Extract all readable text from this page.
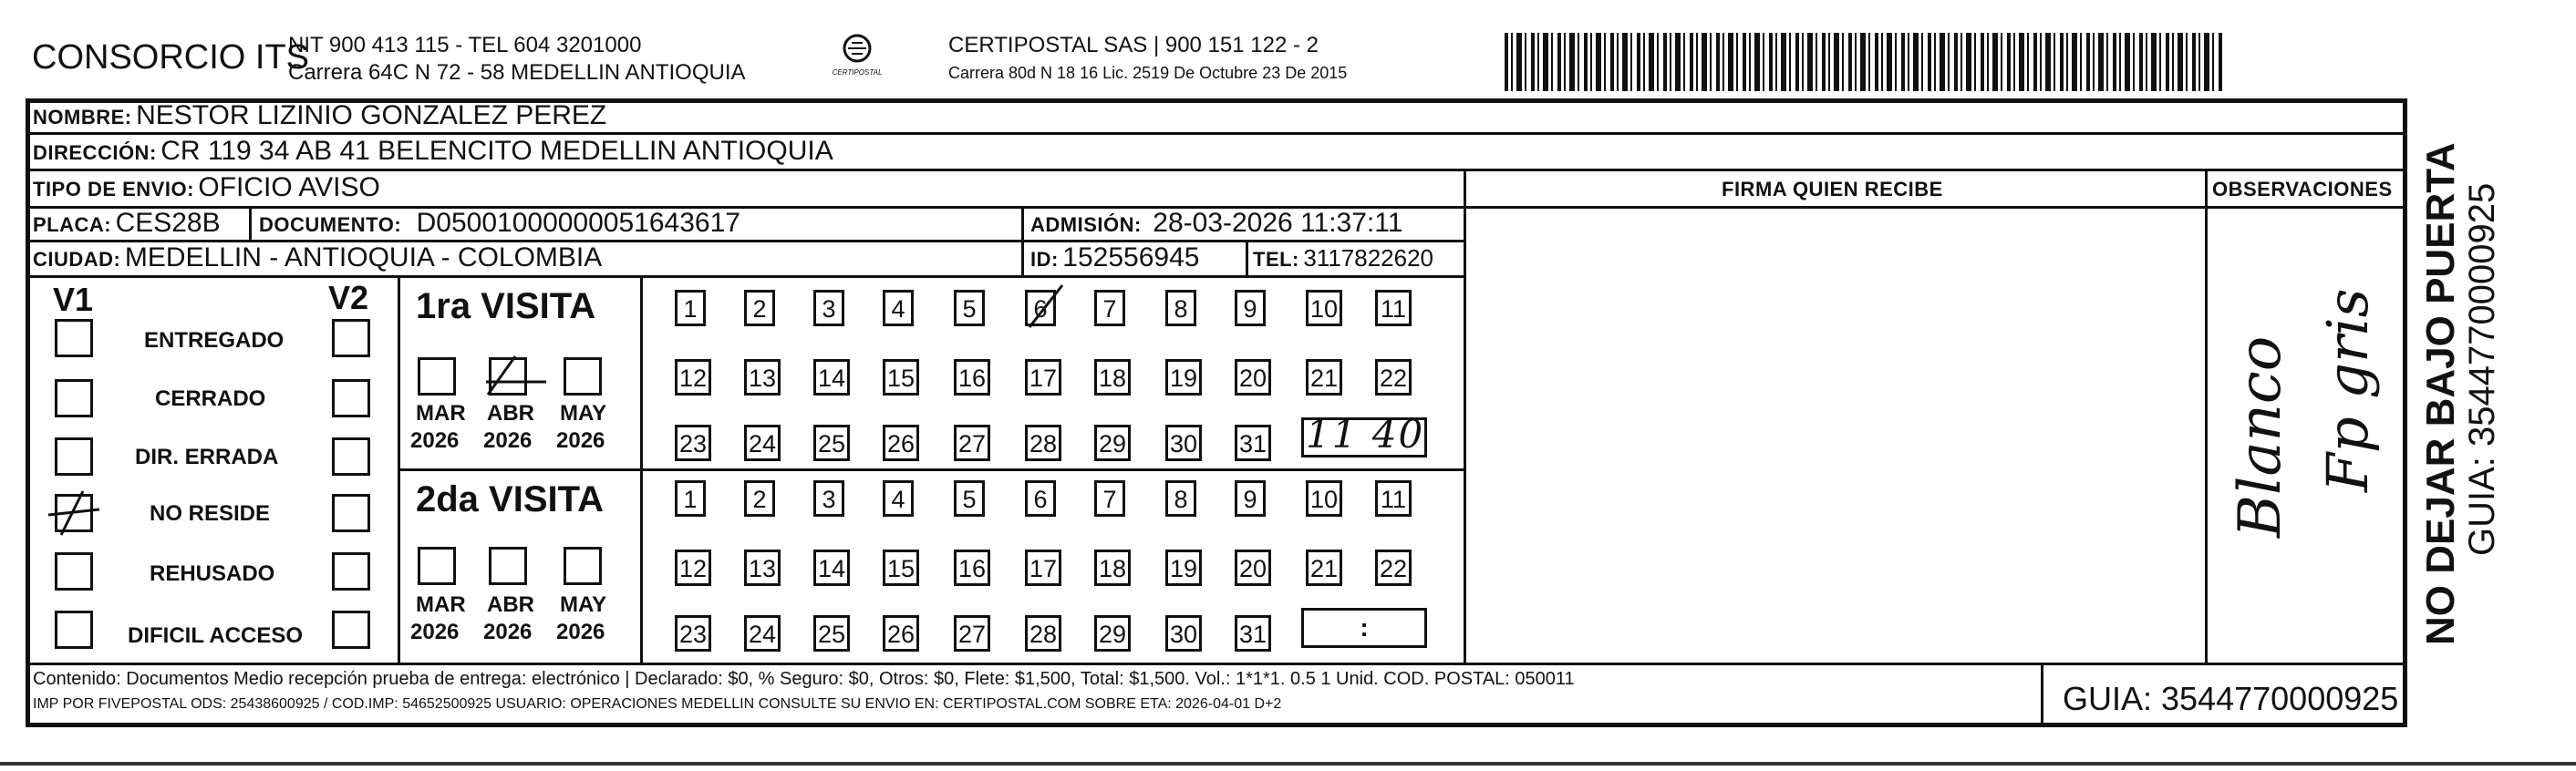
CONSORCIO ITS
NIT 900 413 115 - TEL 604 3201000
Carrera 64C N 72 - 58 MEDELLIN ANTIOQUIA	CERTIPOSTAL
CERTIPOSTAL SAS | 900 151 122 - 2
Carrera 80d N 18 16 Lic. 2519 De Octubre 23 De 2015
NOMBRE: NESTOR LIZINIO GONZALEZ PEREZ
DIRECCIÓN: CR 119 34 AB 41 BELENCITO MEDELLIN ANTIOQUIA
TIPO DE ENVIO: OFICIO AVISO	FIRMA QUIEN RECIBE	OBSERVACIONES
PLACA: CES28B DOCUMENTO: D05001000000051643617	ADMISIÓN: 28-03-2026 11:37:11
CIUDAD: MEDELLIN - ANTIOQUIA - COLOMBIA	ID: 152556945	TEL: 3117822620
V1	V2
ENTREGADO
CERRADO
DIR. ERRADA
NO RESIDE
REHUSADO
DIFICIL ACCESO
1ra VISITA
MAR ABR MAY
2026 2026 2026
1	2	3	4	5	6	7	8	9	10 11
12 13 14 15 16 17 18 19 20 21 22
23 24 25 26 27 28 29 30 31 11 40
2da VISITA
MAR ABR MAY
2026 2026 2026
1	2	3	4	5	6	7	8	9	10 11
12 13 14 15 16 17 18 19 20 21 22
23 24 25 26 27 28 29 30 31	:
Blanco Fp gris NO DEJAR BAJO PUERTA GUIA: 3544770000925
Contenido: Documentos Medio recepción prueba de entrega: electrónico | Declarado: $0, % Seguro: $0, Otros: $0, Flete: $1,500, Total: $1,500. Vol.: 1*1*1. 0.5 1 Unid. COD. POSTAL: 050011
IMP POR FIVEPOSTAL ODS: 25438600925 / COD.IMP: 54652500925 USUARIO: OPERACIONES MEDELLIN CONSULTE SU ENVIO EN: CERTIPOSTAL.COM SOBRE ETA: 2026-04-01 D+2	GUIA: 3544770000925
